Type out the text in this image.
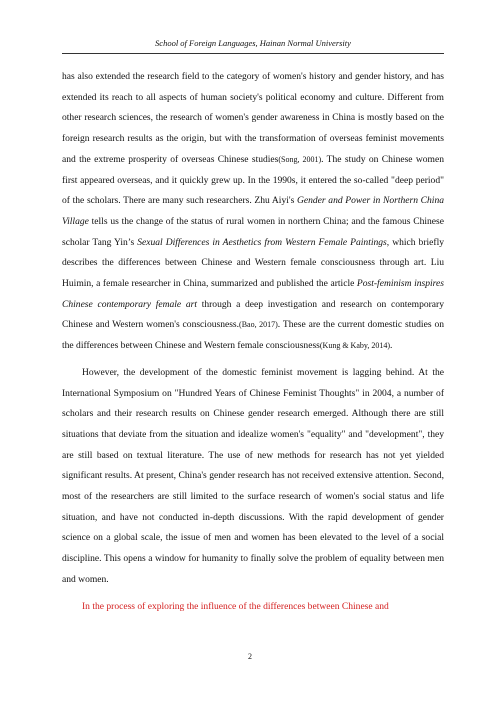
School of Foreign Languages, Hainan Normal University

has also extended the research field to the category of women's history and gender history, and has extended its reach to all aspects of human society's political economy and culture. Different from other research sciences, the research of women's gender awareness in China is mostly based on the foreign research results as the origin, but with the transformation of overseas feminist movements and the extreme prosperity of overseas Chinese studies(Song, 2001). The study on Chinese women first appeared overseas, and it quickly grew up. In the 1990s, it entered the so-called "deep period" of the scholars. There are many such researchers. Zhu Aiyi's Gender and Power in Northern China Village tells us the change of the status of rural women in northern China; and the famous Chinese scholar Tang Yin’s Sexual Differences in Aesthetics from Western Female Paintings, which briefly describes the differences between Chinese and Western female consciousness through art. Liu Huimin, a female researcher in China, summarized and published the article Post-feminism inspires Chinese contemporary female art through a deep investigation and research on contemporary Chinese and Western women's consciousness.(Bao, 2017). These are the current domestic studies on the differences between Chinese and Western female consciousness(Kung & Kaby, 2014).

However, the development of the domestic feminist movement is lagging behind. At the International Symposium on "Hundred Years of Chinese Feminist Thoughts" in 2004, a number of scholars and their research results on Chinese gender research emerged. Although there are still situations that deviate from the situation and idealize women's "equality" and "development", they are still based on textual literature. The use of new methods for research has not yet yielded significant results. At present, China's gender research has not received extensive attention. Second, most of the researchers are still limited to the surface research of women's social status and life situation, and have not conducted in-depth discussions. With the rapid development of gender science on a global scale, the issue of men and women has been elevated to the level of a social discipline. This opens a window for humanity to finally solve the problem of equality between men and women.

In the process of exploring the influence of the differences between Chinese and

2
